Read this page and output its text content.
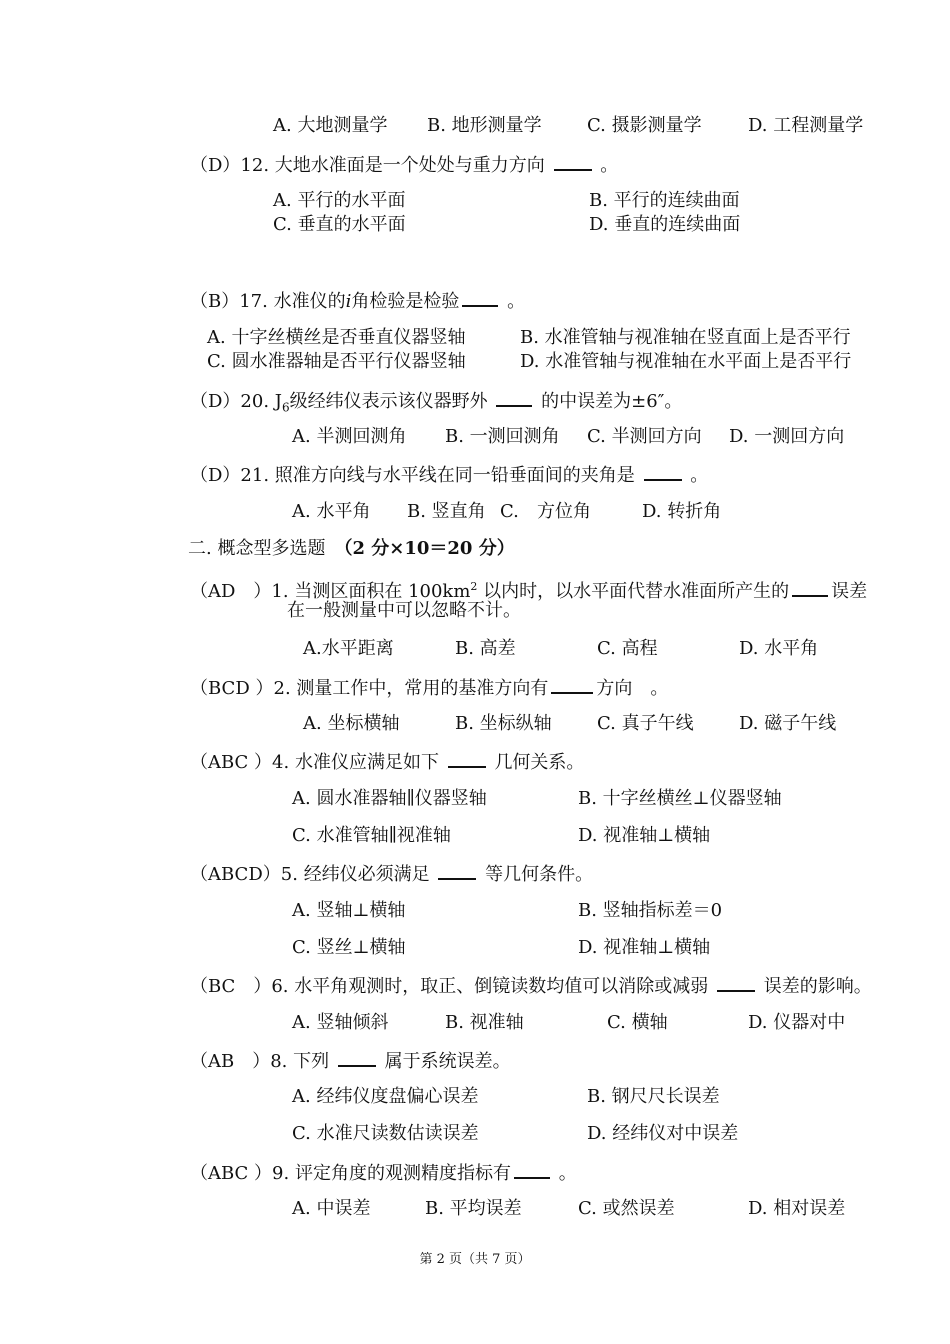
A. 大地测量学 B. 地形测量学	C. 摄影测量学	D. 工程测量学
（D）12. 大地水准面是一个处处与重力方向	。
A. 平行的水平面	B. 平行的连续曲面
C. 垂直的水平面	D. 垂直的连续曲面
（B）17. 水准仪的i角检验是检验	。
A. 十字丝横丝是否垂直仪器竖轴	B. 水准管轴与视准轴在竖直面上是否平行
C. 圆水准器轴是否平行仪器竖轴	D. 水准管轴与视准轴在水平面上是否平行
（D）20. $J_6$级经纬仪表示该仪器野外	的中误差为±6″。
A. 半测回测角 B. 一测回测角 C. 半测回方向 D. 一测回方向
（D）21. 照准方向线与水平线在同一铅垂面间的夹角是	。
A. 水平角 B. 竖直角 C. 方位角	D. 转折角
二. 概念型多选题　 （2 分×10＝20 分）
（AD　）1. 当测区面积在 $100km^2$ 以内时，以水平面代替水准面所产生的 误差
在一般测量中可以忽略不计。
A.水平距离	B. 高差	C. 高程	D. 水平角
（BCD ）2. 测量工作中，常用的基准方向有	方向　。
A. 坐标横轴	B. 坐标纵轴	C. 真子午线	D. 磁子午线
（ABC ）4. 水准仪应满足如下	几何关系。
A. 圆水准器轴∥仪器竖轴	B. 十字丝横丝⊥仪器竖轴
C. 水准管轴∥视准轴	D. 视准轴⊥横轴
（ABCD）5. 经纬仪必须满足	等几何条件。
A. 竖轴⊥横轴	B. 竖轴指标差＝0
C. 竖丝⊥横轴	D. 视准轴⊥横轴
（BC　）6. 水平角观测时，取正、倒镜读数均值可以消除或减弱	误差的影响。
A. 竖轴倾斜	B. 视准轴	C. 横轴	D. 仪器对中
（AB　）8. 下列	属于系统误差。
A. 经纬仪度盘偏心误差	B. 钢尺尺长误差
C. 水准尺读数估读误差	D. 经纬仪对中误差
（ABC ）9. 评定角度的观测精度指标有	。
A. 中误差	B. 平均误差	C. 或然误差	D. 相对误差
第 2 页（共 7 页）
